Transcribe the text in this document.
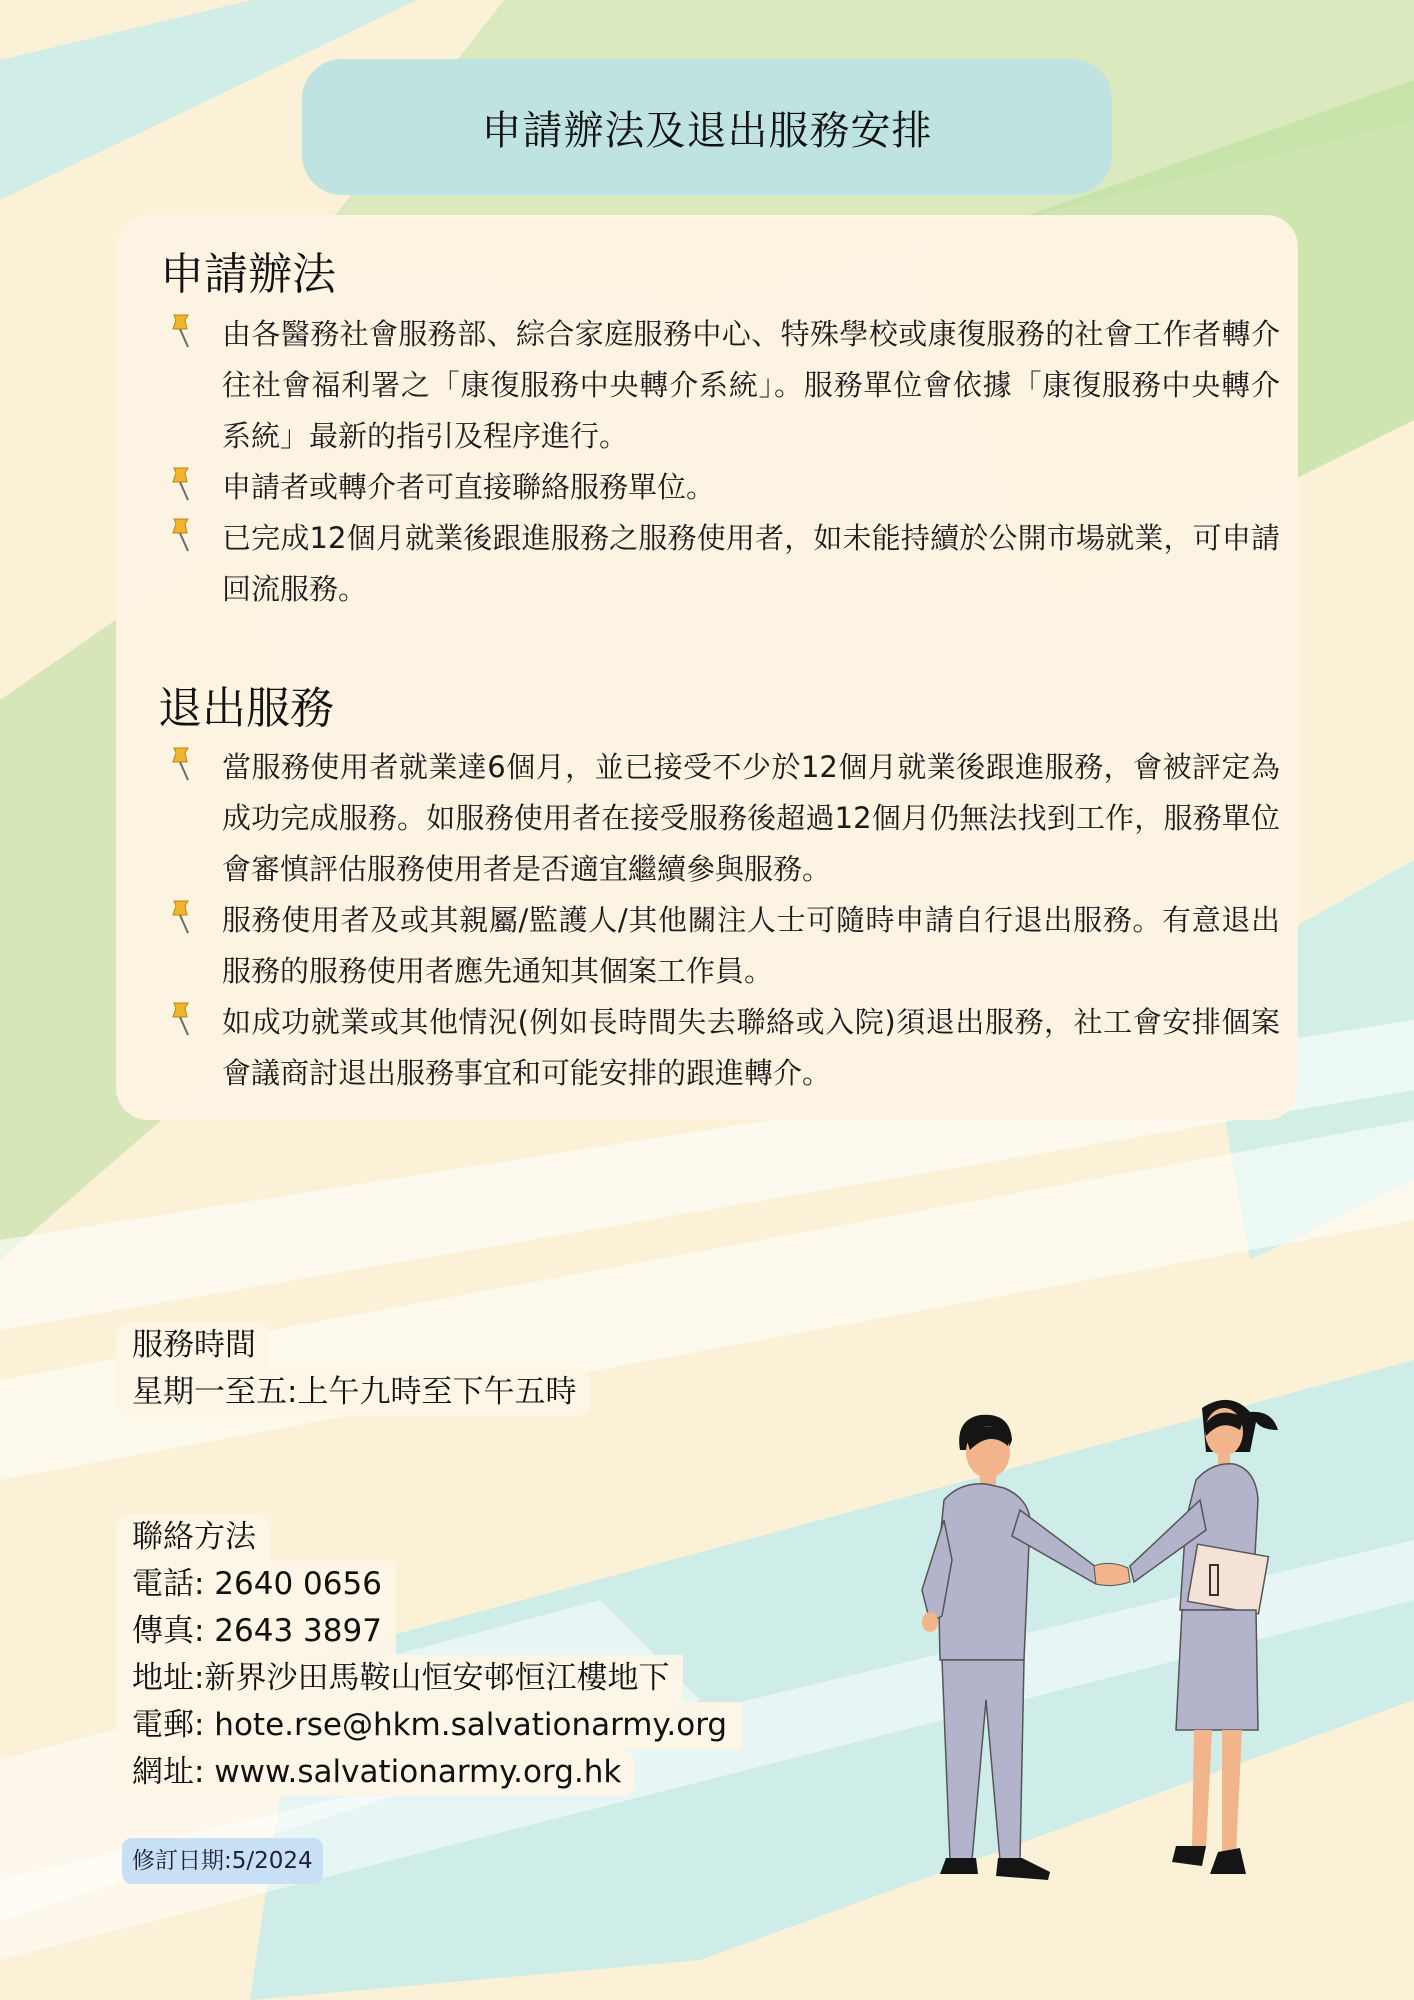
申請辦法及退出服務安排
申請辦法
由各醫務社會服務部、綜合家庭服務中心、特殊學校或康復服務的社會工作者轉介往社會福利署之「康復服務中央轉介系統」。服務單位會依據「康復服務中央轉介系統」最新的指引及程序進行。
申請者或轉介者可直接聯絡服務單位。
已完成12個月就業後跟進服務之服務使用者，如未能持續於公開市場就業，可申請回流服務。
退出服務
當服務使用者就業達6個月，並已接受不少於12個月就業後跟進服務，會被評定為成功完成服務。如服務使用者在接受服務後超過12個月仍無法找到工作，服務單位會審慎評估服務使用者是否適宜繼續參與服務。
服務使用者及或其親屬/監護人/其他關注人士可隨時申請自行退出服務。有意退出服務的服務使用者應先通知其個案工作員。
如成功就業或其他情況(例如長時間失去聯絡或入院)須退出服務，社工會安排個案會議商討退出服務事宜和可能安排的跟進轉介。
服務時間
星期一至五:上午九時至下午五時
聯絡方法
電話: 2640 0656
傳真: 2643 3897
地址:新界沙田馬鞍山恒安邨恒江樓地下
電郵: hote.rse@hkm.salvationarmy.org
網址: www.salvationarmy.org.hk
修訂日期:5/2024
